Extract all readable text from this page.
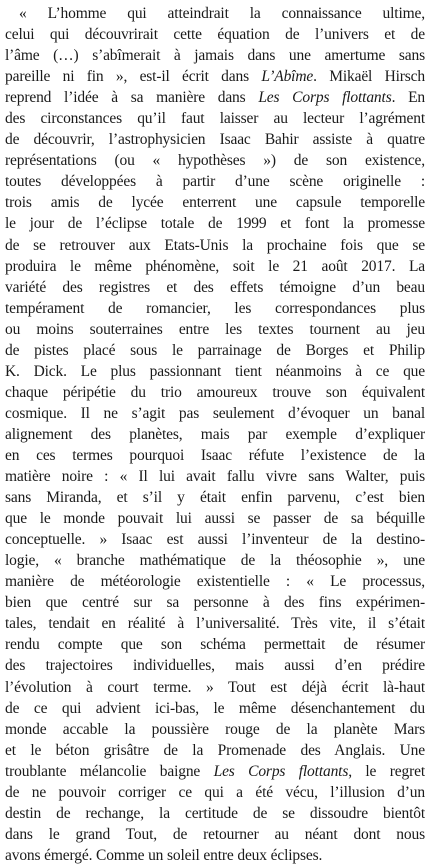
« L’homme qui atteindrait la connaissance ultime,
celui qui découvrirait cette équation de l’univers et de
l’âme (…) s’abîmerait à jamais dans une amertume sans
pareille ni fin », est-il écrit dans L’Abîme. Mikaël Hirsch
reprend l’idée à sa manière dans Les Corps flottants. En
des circonstances qu’il faut laisser au lecteur l’agrément
de découvrir, l’astrophysicien Isaac Bahir assiste à quatre
représentations (ou « hypothèses ») de son existence,
toutes développées à partir d’une scène originelle :
trois amis de lycée enterrent une capsule temporelle
le jour de l’éclipse totale de 1999 et font la promesse
de se retrouver aux Etats-Unis la prochaine fois que se
produira le même phénomène, soit le 21 août 2017. La
variété des registres et des effets témoigne d’un beau
tempérament de romancier, les correspondances plus
ou moins souterraines entre les textes tournent au jeu
de pistes placé sous le parrainage de Borges et Philip
K. Dick. Le plus passionnant tient néanmoins à ce que
chaque péripétie du trio amoureux trouve son équivalent
cosmique. Il ne s’agit pas seulement d’évoquer un banal
alignement des planètes, mais par exemple d’expliquer
en ces termes pourquoi Isaac réfute l’existence de la
matière noire : « Il lui avait fallu vivre sans Walter, puis
sans Miranda, et s’il y était enfin parvenu, c’est bien
que le monde pouvait lui aussi se passer de sa béquille
conceptuelle. » Isaac est aussi l’inventeur de la destino-
logie, « branche mathématique de la théosophie », une
manière de météorologie existentielle : « Le processus,
bien que centré sur sa personne à des fins expérimen-
tales, tendait en réalité à l’universalité. Très vite, il s’était
rendu compte que son schéma permettait de résumer
des trajectoires individuelles, mais aussi d’en prédire
l’évolution à court terme. » Tout est déjà écrit là-haut
de ce qui advient ici-bas, le même désenchantement du
monde accable la poussière rouge de la planète Mars
et le béton grisâtre de la Promenade des Anglais. Une
troublante mélancolie baigne Les Corps flottants, le regret
de ne pouvoir corriger ce qui a été vécu, l’illusion d’un
destin de rechange, la certitude de se dissoudre bientôt
dans le grand Tout, de retourner au néant dont nous
avons émergé. Comme un soleil entre deux éclipses.
